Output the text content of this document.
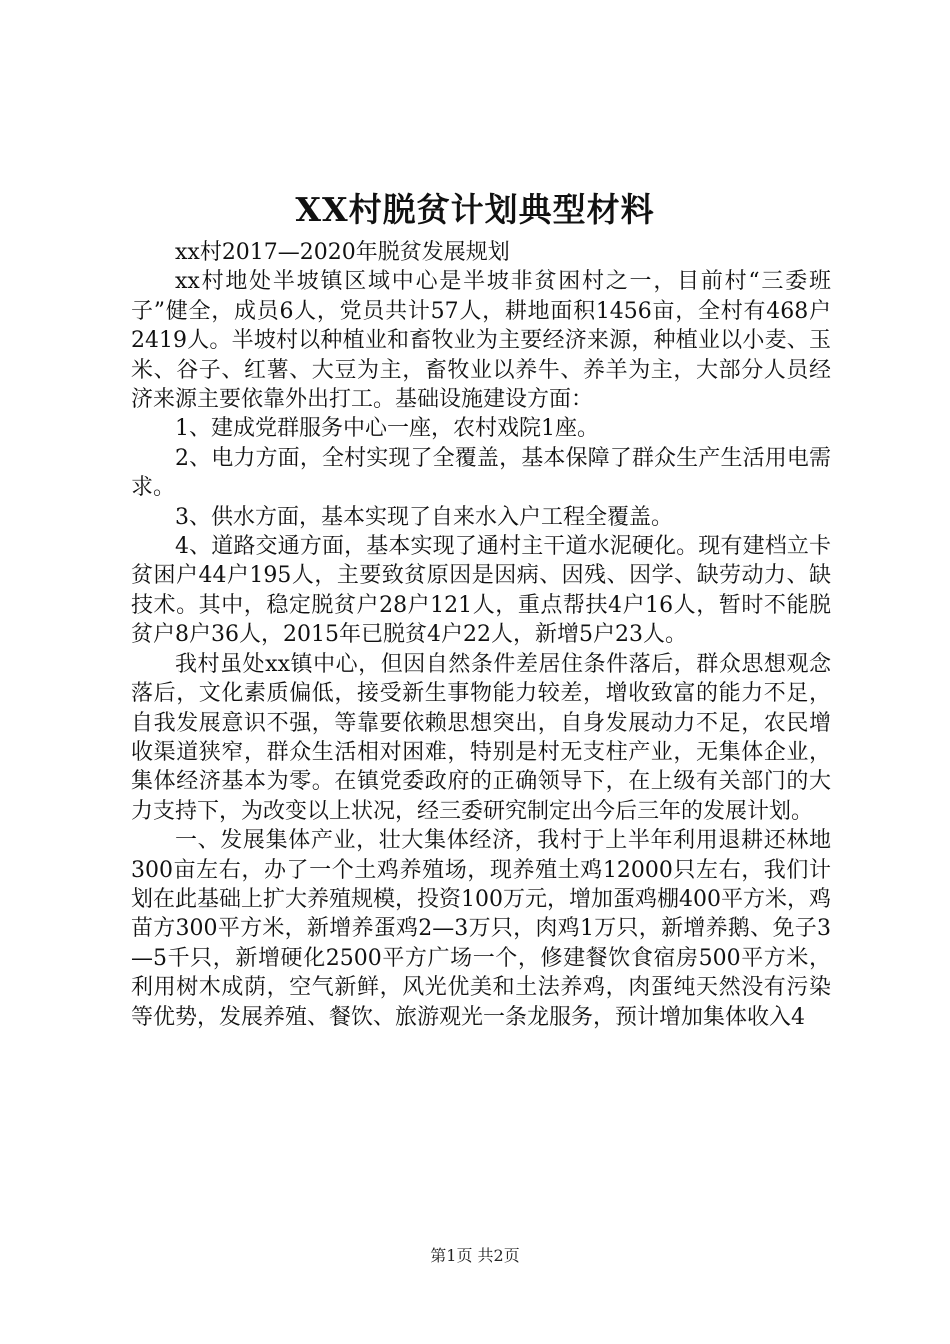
XX村脱贫计划典型材料

xx村2017—2020年脱贫发展规划

xx村地处半坡镇区域中心是半坡非贫困村之一，目前村“三委班子”健全，成员6人，党员共计57人，耕地面积1456亩，全村有468户2419人。半坡村以种植业和畜牧业为主要经济来源，种植业以小麦、玉米、谷子、红薯、大豆为主，畜牧业以养牛、养羊为主，大部分人员经济来源主要依靠外出打工。基础设施建设方面：

1、建成党群服务中心一座，农村戏院1座。

2、电力方面，全村实现了全覆盖，基本保障了群众生产生活用电需求。

3、供水方面，基本实现了自来水入户工程全覆盖。

4、道路交通方面，基本实现了通村主干道水泥硬化。现有建档立卡贫困户44户195人，主要致贫原因是因病、因残、因学、缺劳动力、缺技术。其中，稳定脱贫户28户121人，重点帮扶4户16人，暂时不能脱贫户8户36人，2015年已脱贫4户22人，新增5户23人。

我村虽处xx镇中心，但因自然条件差居住条件落后，群众思想观念落后，文化素质偏低，接受新生事物能力较差，增收致富的能力不足，自我发展意识不强，等靠要依赖思想突出，自身发展动力不足，农民增收渠道狭窄，群众生活相对困难，特别是村无支柱产业，无集体企业，集体经济基本为零。在镇党委政府的正确领导下，在上级有关部门的大力支持下，为改变以上状况，经三委研究制定出今后三年的发展计划。

一、发展集体产业，壮大集体经济，我村于上半年利用退耕还林地300亩左右，办了一个土鸡养殖场，现养殖土鸡12000只左右，我们计划在此基础上扩大养殖规模，投资100万元，增加蛋鸡棚400平方米，鸡苗方300平方米，新增养蛋鸡2—3万只，肉鸡1万只，新增养鹅、免子3—5千只，新增硬化2500平方广场一个，修建餐饮食宿房500平方米，利用树木成荫，空气新鲜，风光优美和土法养鸡，肉蛋纯天然没有污染等优势，发展养殖、餐饮、旅游观光一条龙服务，预计增加集体收入4

第1页 共2页
